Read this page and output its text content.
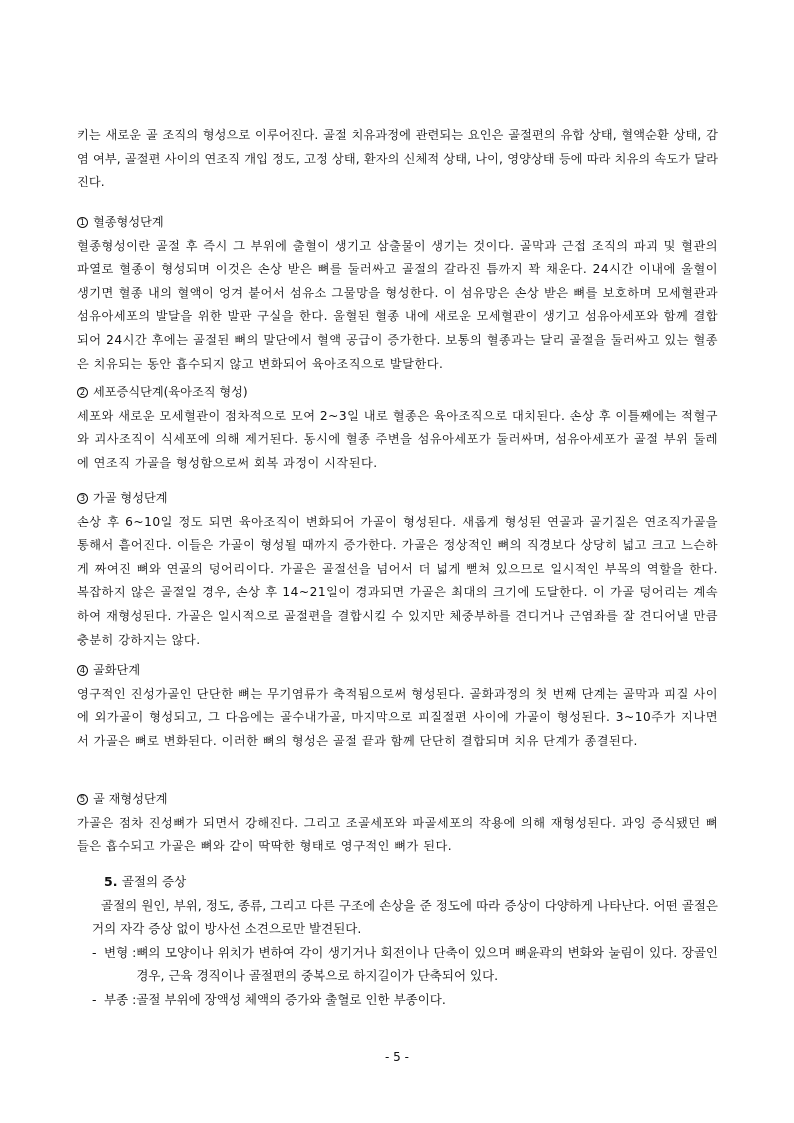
키는 새로운 골 조직의 형성으로 이루어진다. 골절 치유과정에 관련되는 요인은 골절편의 유합 상태, 혈액순환 상태, 감염 여부, 골절편 사이의 연조직 개입 정도, 고정 상태, 환자의 신체적 상태, 나이, 영양상태 등에 따라 치유의 속도가 달라진다.

1 혈종형성단계

혈종형성이란 골절 후 즉시 그 부위에 출혈이 생기고 삼출물이 생기는 것이다. 골막과 근접 조직의 파괴 및 혈관의 파열로 혈종이 형성되며 이것은 손상 받은 뼈를 둘러싸고 골절의 갈라진 틈까지 꽉 채운다. 24시간 이내에 울혈이 생기면 혈종 내의 혈액이 엉겨 붙어서 섬유소 그물망을 형성한다. 이 섬유망은 손상 받은 뼈를 보호하며 모세혈관과 섬유아세포의 발달을 위한 발판 구실을 한다. 울혈된 혈종 내에 새로운 모세혈관이 생기고 섬유아세포와 함께 결합되어 24시간 후에는 골절된 뼈의 말단에서 혈액 공급이 증가한다. 보통의 혈종과는 달리 골절을 둘러싸고 있는 혈종은 치유되는 동안 흡수되지 않고 변화되어 육아조직으로 발달한다.

2 세포증식단계(육아조직 형성)

세포와 새로운 모세혈관이 점차적으로 모여 2~3일 내로 혈종은 육아조직으로 대치된다. 손상 후 이틀째에는 적혈구와 괴사조직이 식세포에 의해 제거된다. 동시에 혈종 주변을 섬유아세포가 둘러싸며, 섬유아세포가 골절 부위 둘레에 연조직 가골을 형성함으로써 회복 과정이 시작된다.

3 가골 형성단계

손상 후 6~10일 정도 되면 육아조직이 변화되어 가골이 형성된다. 새롭게 형성된 연골과 골기질은 연조직가골을 통해서 흩어진다. 이들은 가골이 형성될 때까지 증가한다. 가골은 정상적인 뼈의 직경보다 상당히 넓고 크고 느슨하게 짜여진 뼈와 연골의 덩어리이다. 가골은 골절선을 넘어서 더 넓게 뻗쳐 있으므로 일시적인 부목의 역할을 한다. 복잡하지 않은 골절일 경우, 손상 후 14~21일이 경과되면 가골은 최대의 크기에 도달한다. 이 가골 덩어리는 계속하여 재형성된다. 가골은 일시적으로 골절편을 결합시킬 수 있지만 체중부하를 견디거나 근염좌를 잘 견디어낼 만큼 충분히 강하지는 않다.

4 골화단계

영구적인 진성가골인 단단한 뼈는 무기염류가 축적됨으로써 형성된다. 골화과정의 첫 번째 단계는 골막과 피질 사이에 외가골이 형성되고, 그 다음에는 골수내가골, 마지막으로 피질절편 사이에 가골이 형성된다. 3~10주가 지나면서 가골은 뼈로 변화된다. 이러한 뼈의 형성은 골절 끝과 함께 단단히 결합되며 치유 단계가 종결된다.

5 골 재형성단계

가골은 점차 진성뼈가 되면서 강해진다. 그리고 조골세포와 파골세포의 작용에 의해 재형성된다. 과잉 증식됐던 뼈들은 흡수되고 가골은 뼈와 같이 딱딱한 형태로 영구적인 뼈가 된다.

5. 골절의 증상

골절의 원인, 부위, 정도, 종류, 그리고 다른 구조에 손상을 준 정도에 따라 증상이 다양하게 나타난다. 어떤 골절은 거의 자각 증상 없이 방사선 소견으로만 발견된다.

- 변형 : 뼈의 모양이나 위치가 변하여 각이 생기거나 회전이나 단축이 있으며 뼈윤곽의 변화와 눌림이 있다. 장골인 경우, 근육 경직이나 골절편의 중복으로 하지길이가 단축되어 있다.
- 부종 : 골절 부위에 장액성 체액의 증가와 출혈로 인한 부종이다.
- 5 -
